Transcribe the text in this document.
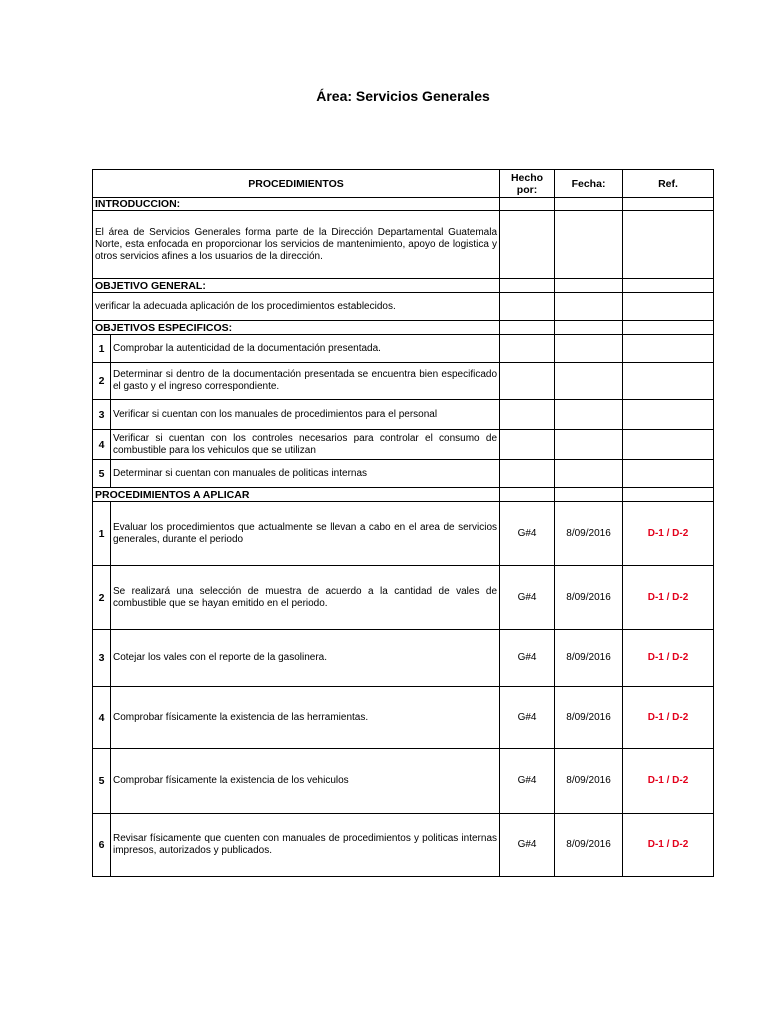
Área: Servicios Generales
PROCEDIMIENTOS		Hecho por:	Fecha:	Ref.
INTRODUCCION:				
El área de Servicios Generales forma parte de la Dirección Departamental Guatemala Norte, esta enfocada en proporcionar los servicios de mantenimiento, apoyo de logistica y otros servicios afines a los usuarios de la dirección.				
OBJETIVO GENERAL:				
verificar la adecuada aplicación de los procedimientos establecidos.				
OBJETIVOS ESPECIFICOS:				
1	Comprobar la autenticidad de la documentación presentada.			
2	Determinar si dentro de la documentación presentada se encuentra bien especificado el gasto y el ingreso correspondiente.			
3	Verificar si cuentan con los manuales de procedimientos para el personal			
4	Verificar si cuentan con los controles necesarios para controlar el consumo de combustible para los vehiculos que se utilizan			
5	Determinar si cuentan con manuales de politicas internas			
PROCEDIMIENTOS A APLICAR				
1	Evaluar los procedimientos que actualmente se llevan a cabo en el area de servicios generales, durante el periodo	G#4	8/09/2016	D-1 / D-2
2	Se realizará una selección de muestra de acuerdo a la cantidad de vales de combustible que se hayan emitido en el periodo.	G#4	8/09/2016	D-1 / D-2
3	Cotejar los vales con el reporte de la gasolinera.	G#4	8/09/2016	D-1 / D-2
4	Comprobar físicamente la existencia de las herramientas.	G#4	8/09/2016	D-1 / D-2
5	Comprobar físicamente la existencia de los vehiculos	G#4	8/09/2016	D-1 / D-2
6	Revisar físicamente que cuenten con manuales de procedimientos y politicas internas impresos, autorizados y publicados.	G#4	8/09/2016	D-1 / D-2
